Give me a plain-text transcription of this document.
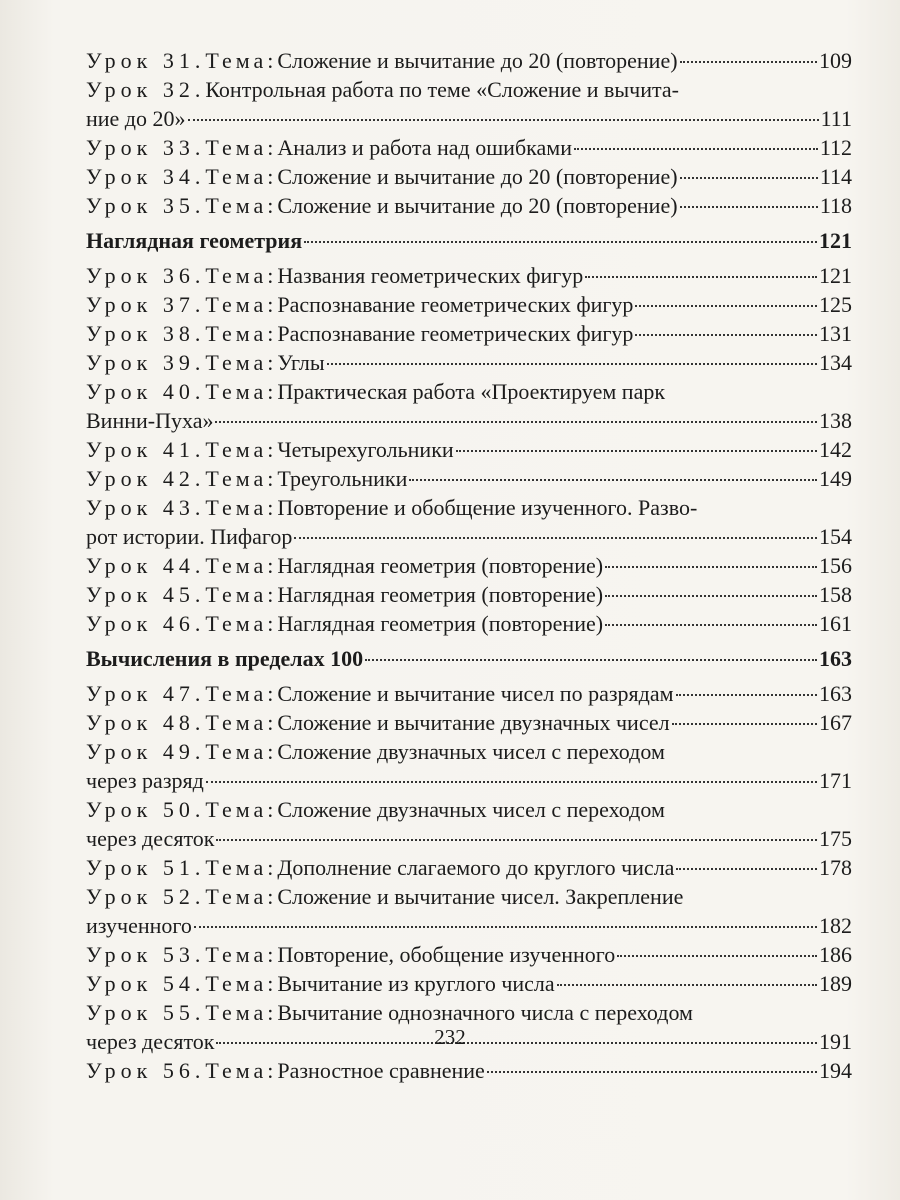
Урок 31. Тема: Сложение и вычитание до 20 (повторение)	109
Урок 32. Контрольная работа по теме «Сложение и вычита-
ние до 20»	111
Урок 33. Тема: Анализ и работа над ошибками	112
Урок 34. Тема: Сложение и вычитание до 20 (повторение)	114
Урок 35. Тема: Сложение и вычитание до 20 (повторение)	118
Наглядная геометрия	121
Урок 36. Тема: Названия геометрических фигур	121
Урок 37. Тема: Распознавание геометрических фигур	125
Урок 38. Тема: Распознавание геометрических фигур	131
Урок 39. Тема: Углы	134
Урок 40. Тема: Практическая работа «Проектируем парк
Винни-Пуха»	138
Урок 41. Тема: Четырехугольники	142
Урок 42. Тема: Треугольники	149
Урок 43. Тема: Повторение и обобщение изученного. Разво-
рот истории. Пифагор	154
Урок 44. Тема: Наглядная геометрия (повторение)	156
Урок 45. Тема: Наглядная геометрия (повторение)	158
Урок 46. Тема: Наглядная геометрия (повторение)	161
Вычисления в пределах 100	163
Урок 47. Тема: Сложение и вычитание чисел по разрядам	163
Урок 48. Тема: Сложение и вычитание двузначных чисел	167
Урок 49. Тема: Сложение двузначных чисел с переходом
через разряд	171
Урок 50. Тема: Сложение двузначных чисел с переходом
через десяток	175
Урок 51. Тема: Дополнение слагаемого до круглого числа	178
Урок 52. Тема: Сложение и вычитание чисел. Закрепление
изученного	182
Урок 53. Тема: Повторение, обобщение изученного	186
Урок 54. Тема: Вычитание из круглого числа	189
Урок 55. Тема: Вычитание однозначного числа с переходом
через десяток	191
Урок 56. Тема: Разностное сравнение	194
232
